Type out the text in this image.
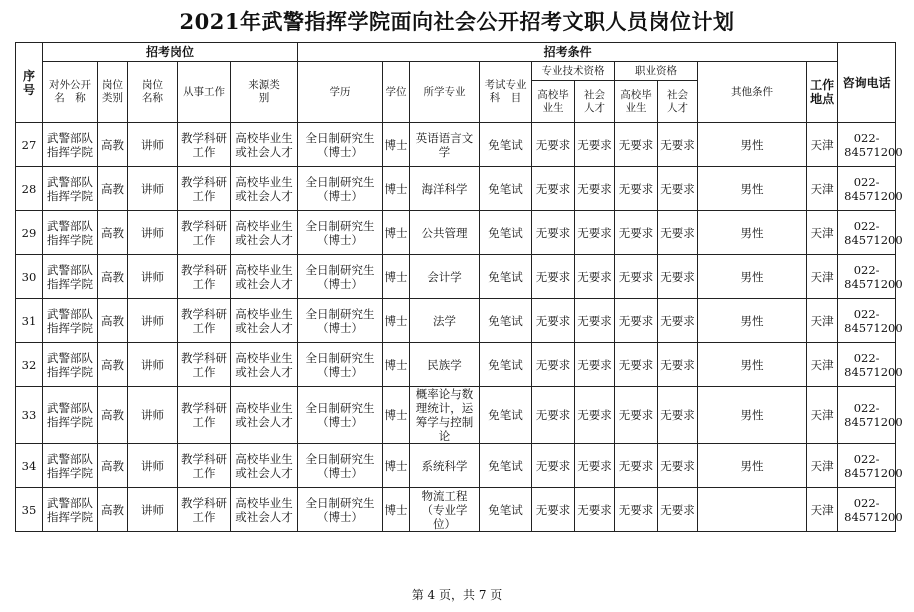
2021年武警指挥学院面向社会公开招考文职人员岗位计划
序号	招考岗位					招考条件										咨询电话
	对外公开名　称	岗位类别	岗位名称	从事工作	来源类别	学历	学位	所学专业	考试专业科　目	专业技术资格		职业资格		其他条件	工作地点	
										高校毕业生	社会人才	高校毕业生	社会人才			
27	武警部队指挥学院	高教	讲师	教学科研工作	高校毕业生或社会人才	全日制研究生（博士）	博士	英语语言文学	免笔试	无要求	无要求	无要求	无要求	男性	天津	022-84571200
28	武警部队指挥学院	高教	讲师	教学科研工作	高校毕业生或社会人才	全日制研究生（博士）	博士	海洋科学	免笔试	无要求	无要求	无要求	无要求	男性	天津	022-84571200
29	武警部队指挥学院	高教	讲师	教学科研工作	高校毕业生或社会人才	全日制研究生（博士）	博士	公共管理	免笔试	无要求	无要求	无要求	无要求	男性	天津	022-84571200
30	武警部队指挥学院	高教	讲师	教学科研工作	高校毕业生或社会人才	全日制研究生（博士）	博士	会计学	免笔试	无要求	无要求	无要求	无要求	男性	天津	022-84571200
31	武警部队指挥学院	高教	讲师	教学科研工作	高校毕业生或社会人才	全日制研究生（博士）	博士	法学	免笔试	无要求	无要求	无要求	无要求	男性	天津	022-84571200
32	武警部队指挥学院	高教	讲师	教学科研工作	高校毕业生或社会人才	全日制研究生（博士）	博士	民族学	免笔试	无要求	无要求	无要求	无要求	男性	天津	022-84571200
33	武警部队指挥学院	高教	讲师	教学科研工作	高校毕业生或社会人才	全日制研究生（博士）	博士	概率论与数理统计，运筹学与控制论	免笔试	无要求	无要求	无要求	无要求	男性	天津	022-84571200
34	武警部队指挥学院	高教	讲师	教学科研工作	高校毕业生或社会人才	全日制研究生（博士）	博士	系统科学	免笔试	无要求	无要求	无要求	无要求	男性	天津	022-84571200
35	武警部队指挥学院	高教	讲师	教学科研工作	高校毕业生或社会人才	全日制研究生（博士）	博士	物流工程（专业学位）	免笔试	无要求	无要求	无要求	无要求		天津	022-84571200
第 4 页，共 7 页
